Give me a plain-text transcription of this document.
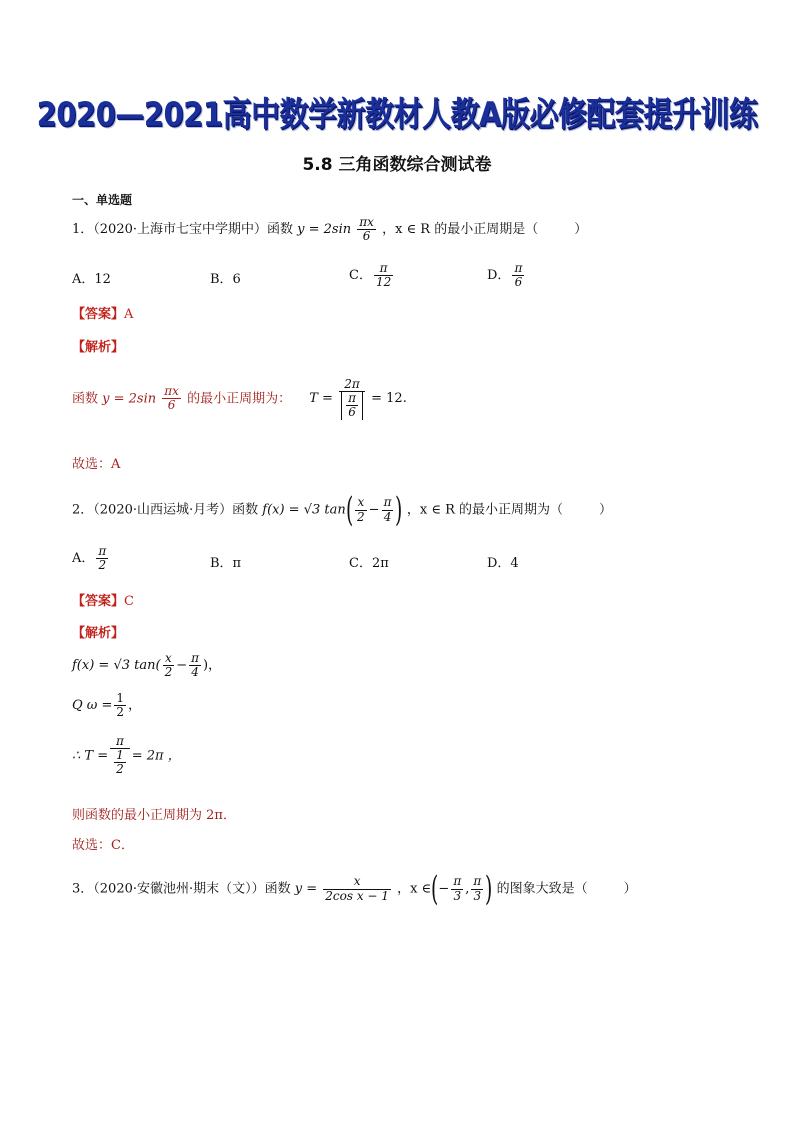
2020—2021高中数学新教材人教A版必修配套提升训练
5.8 三角函数综合测试卷
一、单选题
1．（2020·上海市七宝中学期中）函数 $y = 2\sin \frac{\pi x}{6}$ ，x ∈ R 的最小正周期是（	）
A．12	B．6	C． $\frac{\pi}{12}$	D． $\frac{\pi}{6}$
【答案】A
【解析】
函数 $y = 2\sin \frac{\pi x}{6}$ 的最小正周期为： $T = \frac{2\pi}{\frac{\pi}{6}} = 12$.
故选：A
2．（2020·山西运城·月考）函数 f(x) = √3 $\tan( \frac{x}{2} - \frac{\pi}{4}$ ) ，x ∈ R 的最小正周期为（	）
A． $\frac{\pi}{2}$	B．π	C．2π	D．4
【答案】C
【解析】
f(x) = √3 $\tan( \frac{x}{2} - \frac{\pi}{4}$ )，
Q $\omega = \frac{1}{2}$ ，
∴ $T = \frac{\pi}{\frac{1}{2}} = 2\pi$ ，
则函数的最小正周期为 2π．
故选：C．
3．（2020·安徽池州·期末（文））函数 $y = \frac{x}{\text{2cos x − 1}}$ ，x ∈(− $\frac{\pi}{3}$ , $\frac{\pi}{3}$ ) 的图象大致是（	）
